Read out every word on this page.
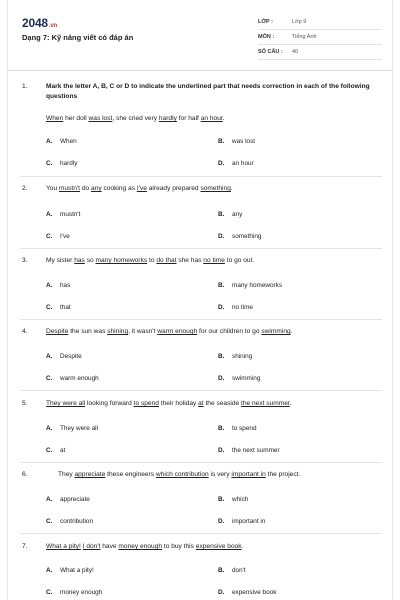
2048.vn
Dạng 7: Kỹ năng viết có đáp án
LỚP :	Lớp 9
MÔN :	Tiếng Anh
SỐ CÂU :	40
1.	Mark the letter A, B, C or D to indicate the underlined part that needs correction in each of the following questions
When her doll was lost, she cried very hardly for half an hour.
A. When	B. was lost
C. hardly	D. an hour
2.	You mustn't do any cooking as I've already prepared something.
A. mustn't	B. any
C. I've	D. something
3.	My sister has so many homeworks to do that she has no time to go out.
A. has	B. many homeworks
C. that	D. no time
4.	Despite the sun was shining, it wasn't warm enough for our children to go swimming.
A. Despite	B. shining
C. warm enough	D. swimming
5.	They were all looking forward to spend their holiday at the seaside the next summer.
A. They were all	B. to spend
C. at	D. the next summer
6.	They appreciate these engineers which contribution is very important in the project.
A. appreciate	B. which
C. contribution	D. important in
7.	What a pity! I don't have money enough to buy this expensive book.
A. What a pity!	B. don't
C. money enough	D. expensive book
